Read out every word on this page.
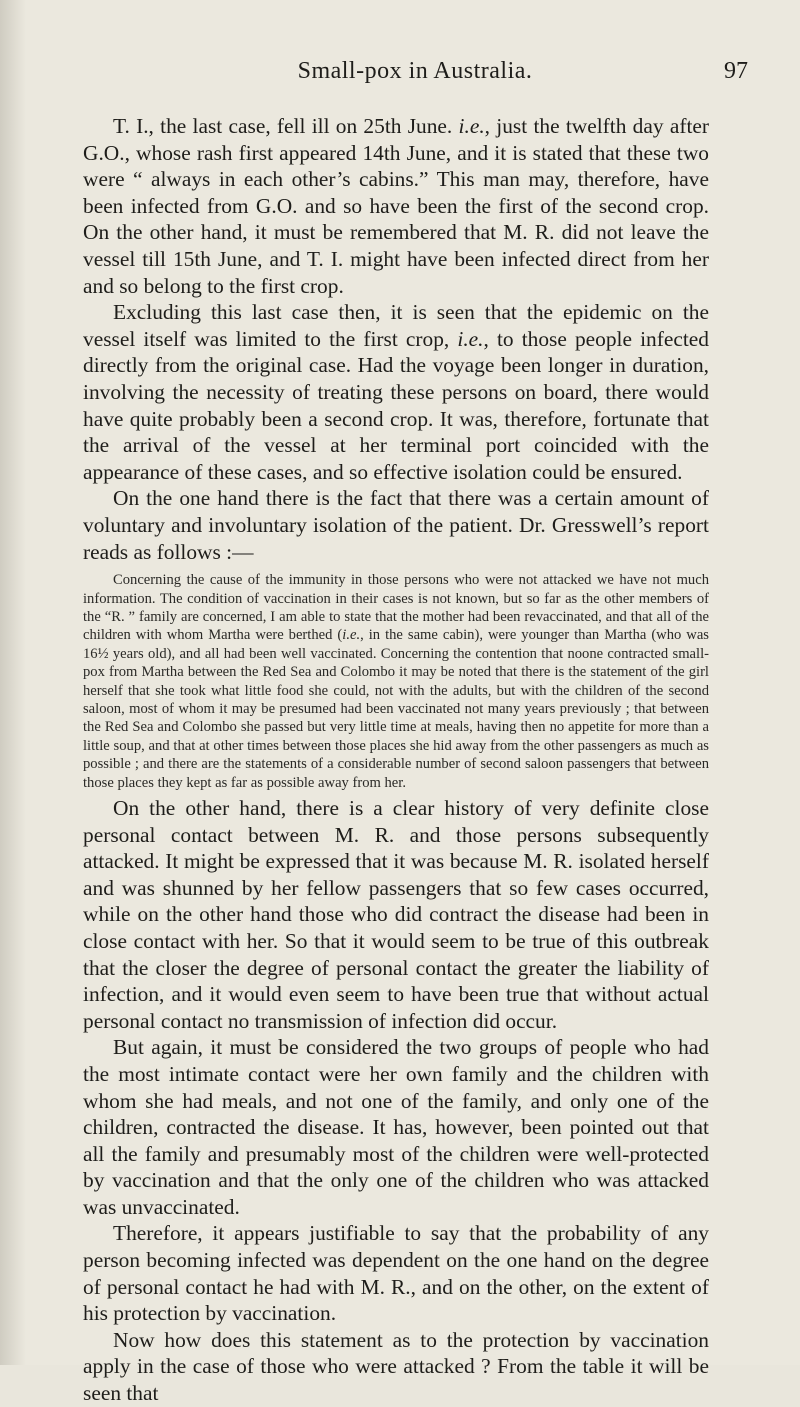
Small-pox in Australia.	97

T. I., the last case, fell ill on 25th June. i.e., just the twelfth day after G.O., whose rash first appeared 14th June, and it is stated that these two were “ always in each other’s cabins.” This man may, therefore, have been infected from G.O. and so have been the first of the second crop. On the other hand, it must be remembered that M. R. did not leave the vessel till 15th June, and T. I. might have been infected direct from her and so belong to the first crop.

Excluding this last case then, it is seen that the epidemic on the vessel itself was limited to the first crop, i.e., to those people infected directly from the original case. Had the voyage been longer in duration, involving the necessity of treating these persons on board, there would have quite probably been a second crop. It was, therefore, fortunate that the arrival of the vessel at her terminal port coincided with the appearance of these cases, and so effective isolation could be ensured.

On the one hand there is the fact that there was a certain amount of voluntary and involuntary isolation of the patient. Dr. Gresswell’s report reads as follows :—

Concerning the cause of the immunity in those persons who were not attacked we have not much information. The condition of vaccination in their cases is not known, but so far as the other members of the “R. ” family are concerned, I am able to state that the mother had been revaccinated, and that all of the children with whom Martha were berthed (i.e., in the same cabin), were younger than Martha (who was 16½ years old), and all had been well vaccinated. Concerning the contention that noone contracted small-pox from Martha between the Red Sea and Colombo it may be noted that there is the statement of the girl herself that she took what little food she could, not with the adults, but with the children of the second saloon, most of whom it may be presumed had been vaccinated not many years previously ; that between the Red Sea and Colombo she passed but very little time at meals, having then no appetite for more than a little soup, and that at other times between those places she hid away from the other passengers as much as possible ; and there are the statements of a considerable number of second saloon passengers that between those places they kept as far as possible away from her.

On the other hand, there is a clear history of very definite close personal contact between M. R. and those persons subsequently attacked. It might be expressed that it was because M. R. isolated herself and was shunned by her fellow passengers that so few cases occurred, while on the other hand those who did contract the disease had been in close contact with her. So that it would seem to be true of this outbreak that the closer the degree of personal contact the greater the liability of infection, and it would even seem to have been true that without actual personal contact no transmission of infection did occur.

But again, it must be considered the two groups of people who had the most intimate contact were her own family and the children with whom she had meals, and not one of the family, and only one of the children, contracted the disease. It has, however, been pointed out that all the family and presumably most of the children were well-protected by vaccination and that the only one of the children who was attacked was unvaccinated.

Therefore, it appears justifiable to say that the probability of any person becoming infected was dependent on the one hand on the degree of personal contact he had with M. R., and on the other, on the extent of his protection by vaccination.

Now how does this statement as to the protection by vaccination apply in the case of those who were attacked ? From the table it will be seen that
